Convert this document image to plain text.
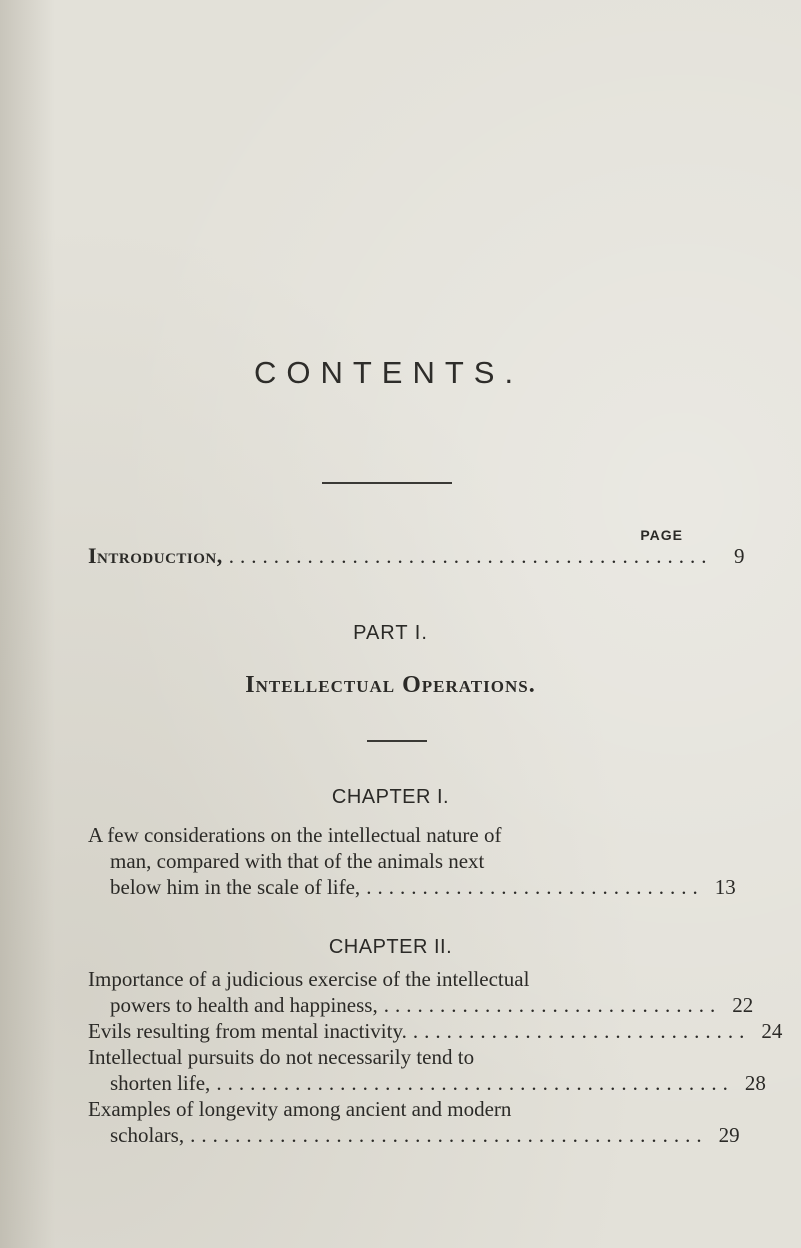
CONTENTS.
PAGE
Introduction, ...........................................	9
PART I.
Intellectual Operations.
CHAPTER I.
A few considerations on the intellectual nature of
man, compared with that of the animals next
below him in the scale of life, .............................. 13
CHAPTER II.
Importance of a judicious exercise of the intellectual
powers to health and happiness, .............................. 22
Evils resulting from mental inactivity. .............................. 24
Intellectual pursuits do not necessarily tend to
shorten life, .............................................. 28
Examples of longevity among ancient and modern
scholars, .............................................. 29
